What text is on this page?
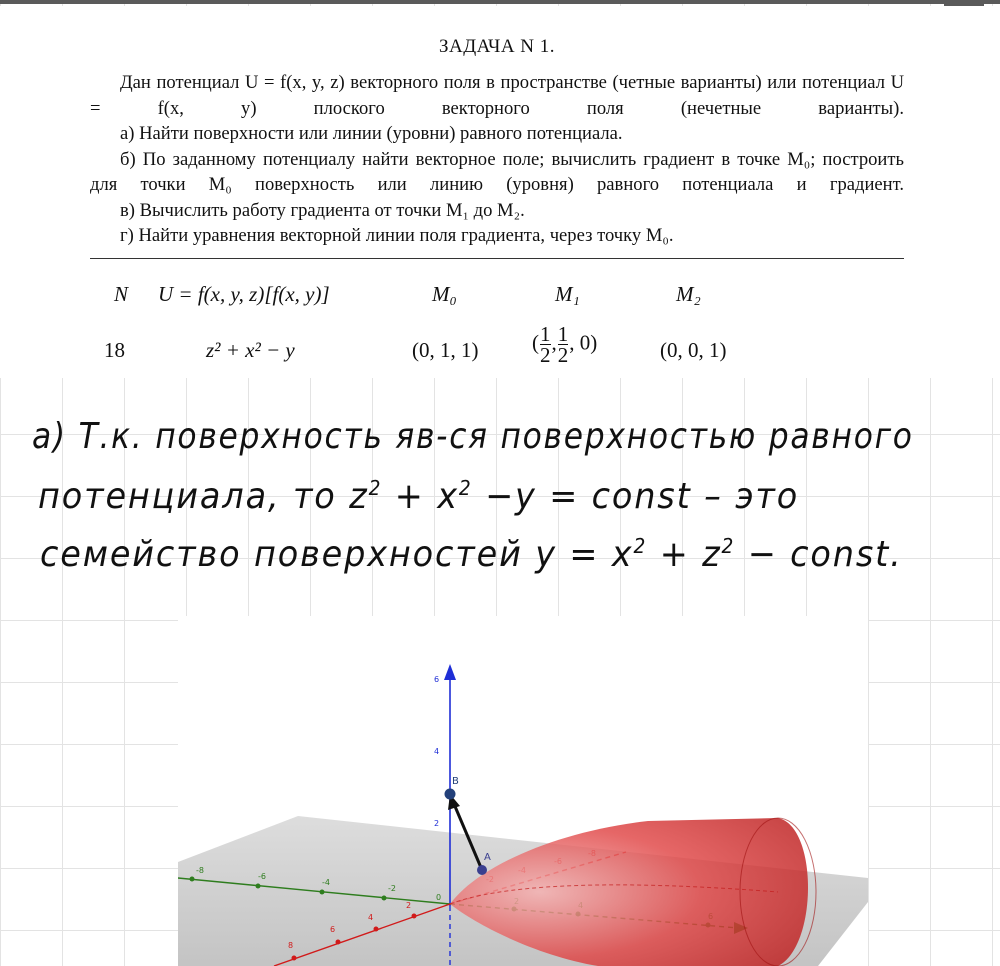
ЗАДАЧА N 1.

Дан потенциал U = f(x, y, z) векторного поля в пространстве (четные варианты) или потенциал U = f(x, y) плоского векторного поля (нечетные варианты).

а) Найти поверхности или линии (уровни) равного потенциала.

б) По заданному потенциалу найти векторное поле; вычислить градиент в точке M₀; построить для точки M₀ поверхность или линию (уровня) равного потенциала и градиент.

в) Вычислить работу градиента от точки M₁ до M₂.

г) Найти уравнения векторной линии поля градиента, через точку M₀.

N U = f(x, y, z)[f(x, y)]	M₀	M₁	M₂
18	z² + x² − y	(0, 1, 1)	( $\frac{1}{2}$ , $\frac{1}{2}$ , 0)	(0, 0, 1)
a) Т.к. поверхность яв-ся поверхностью равного
потенциала, то $z^2 + x^2 -y$ = const – это
семейство поверхностей $y = x^2 + z^2$ − const.
2
4
6
-8
-6
-4
-2
0
8
6
4
2
A
B
